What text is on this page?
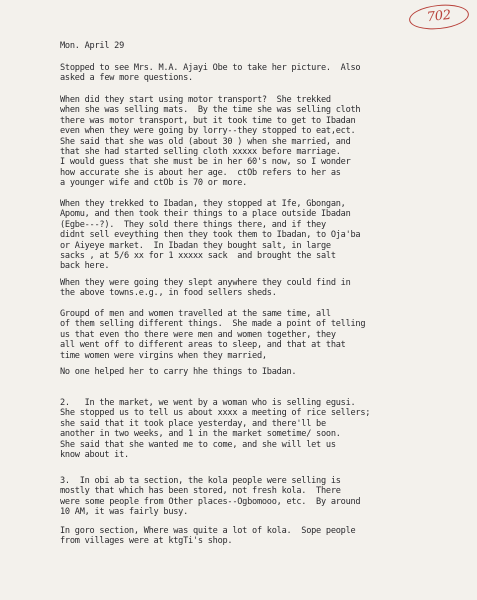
702

Mon. April 29

Stopped to see Mrs. M.A. Ajayi Obe to take her picture.  Also
asked a few more questions.

When did they start using motor transport?  She trekked
when she was selling mats.  By the time she was selling cloth
there was motor transport, but it took time to get to Ibadan
even when they were going by lorry--they stopped to eat,ect.
She said that she was old (about 30 ) when she married, and
that she had started selling cloth xxxxx before marriage.
I would guess that she must be in her 60's now, so I wonder
how accurate she is about her age.  ctOb refers to her as
a younger wife and ctOb is 70 or more.

When they trekked to Ibadan, they stopped at Ife, Gbongan,
Apomu, and then took their things to a place outside Ibadan
(Egbe---?).  They sold there things there, and if they
didnt sell eveything then they took them to Ibadan, to Oja'ba
or Aiyeye market.  In Ibadan they bought salt, in large
sacks , at 5/6 xx for 1 xxxxx sack  and brought the salt
back here.

When they were going they slept anywhere they could find in
the above towns.e.g., in food sellers sheds.

Groupd of men and women travelled at the same time, all
of them selling different things.  She made a point of telling
us that even tho there were men and women together, they
all went off to different areas to sleep, and that at that
time women were virgins when they married,

No one helped her to carry hhe things to Ibadan.

2.   In the market, we went by a woman who is selling egusi.
She stopped us to tell us about xxxx a meeting of rice sellers;
she said that it took place yesterday, and there'll be
another in two weeks, and 1 in the market sometime/ soon.
She said that she wanted me to come, and she will let us
know about it.

3.  In obi ab ta section, the kola people were selling is
mostly that which has been stored, not fresh kola.  There
were some people from Other places--Ogbomooo, etc.  By around
10 AM, it was fairly busy.

In goro section, Where was quite a lot of kola.  Sope people
from villages were at ktgTi's shop.
